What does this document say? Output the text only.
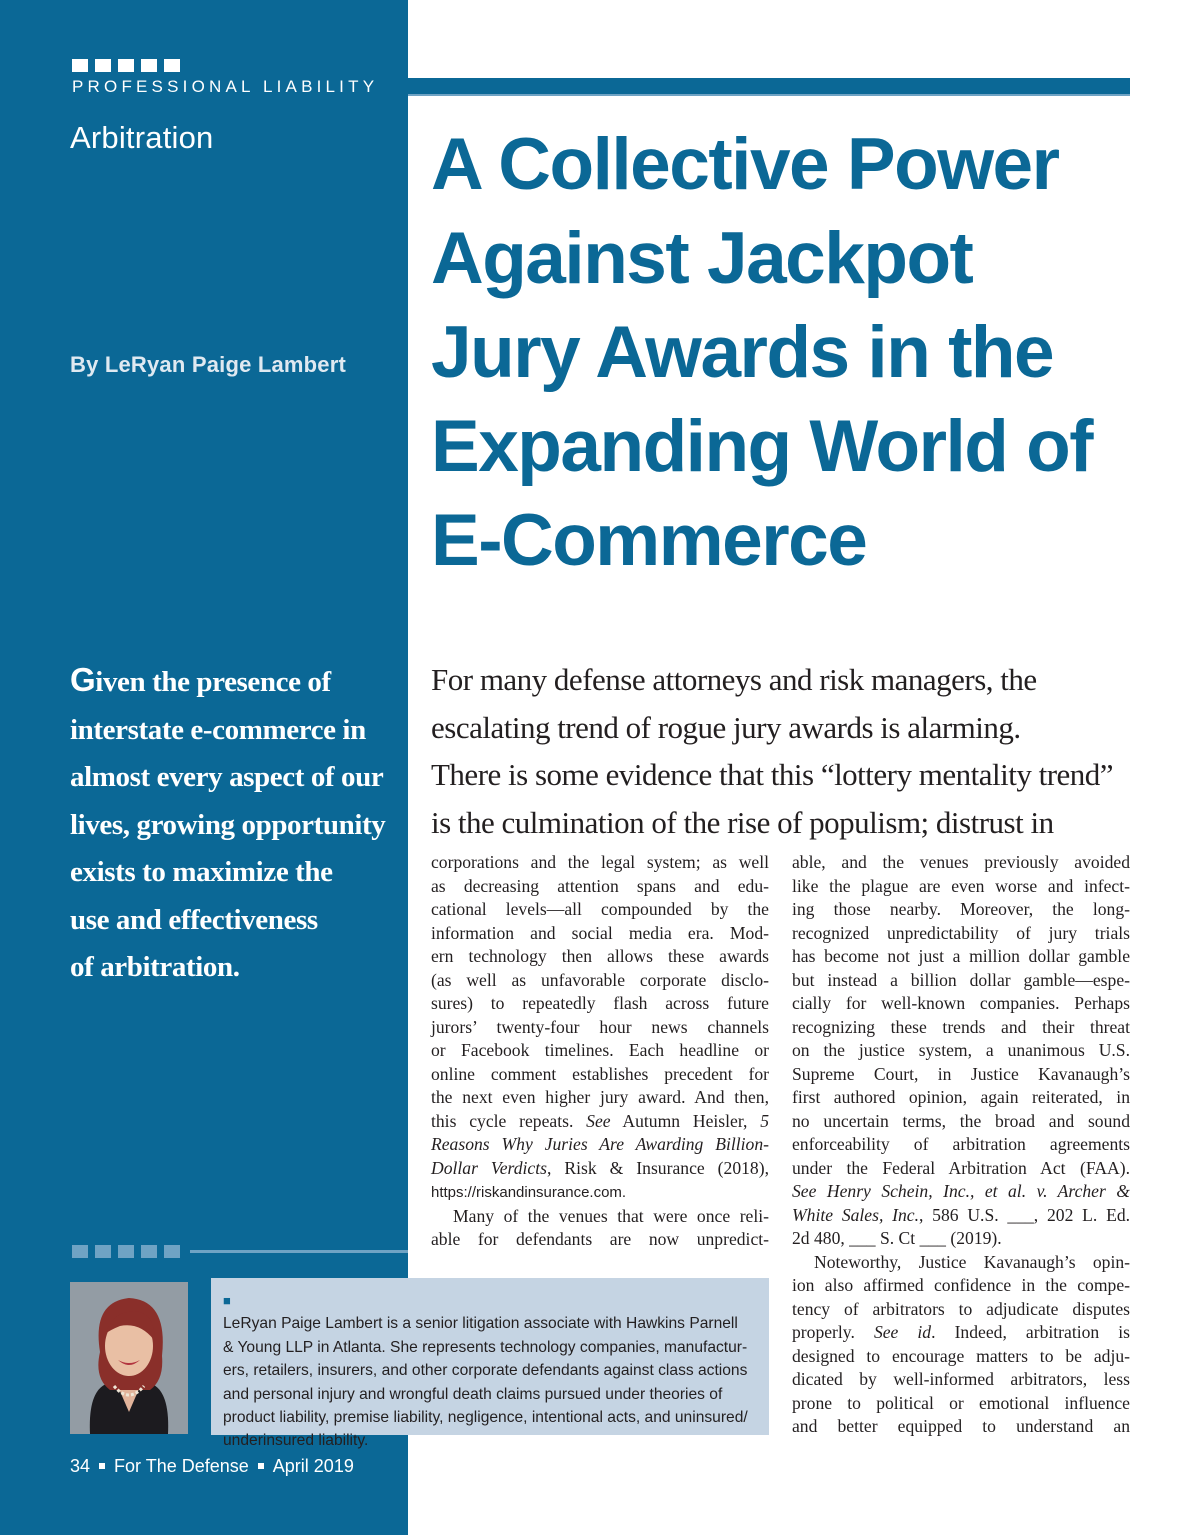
PROFESSIONAL LIABILITY

Arbitration	A Collective Power
Against Jackpot
Jury Awards in the
Expanding World of
E-Commerce

By LeRyan Paige Lambert

Given the presence of
interstate e-commerce in
almost every aspect of our
lives, growing opportunity
exists to maximize the
use and effectiveness
of arbitration.

For many defense attorneys and risk managers, the
escalating trend of rogue jury awards is alarming.
There is some evidence that this “lottery mentality trend”
is the culmination of the rise of populism; distrust in

corporations and the legal system; as well
as decreasing attention spans and edu-
cational levels—all compounded by the
information and social media era. Mod-
ern technology then allows these awards
(as well as unfavorable corporate disclo-
sures) to repeatedly flash across future
jurors’ twenty-four hour news channels
or Facebook timelines. Each headline or
online comment establishes precedent for
the next even higher jury award. And then,
this cycle repeats. See Autumn Heisler, 5
Reasons Why Juries Are Awarding Billion-
Dollar Verdicts, Risk & Insurance (2018),
https://riskandinsurance.com.
Many of the venues that were once reli-
able for defendants are now unpredict-
able, and the venues previously avoided
like the plague are even worse and infect-
ing those nearby. Moreover, the long-
recognized unpredictability of jury trials
has become not just a million dollar gamble
but instead a billion dollar gamble—espe-
cially for well-known companies. Perhaps
recognizing these trends and their threat
on the justice system, a unanimous U.S.
Supreme Court, in Justice Kavanaugh’s
first authored opinion, again reiterated, in
no uncertain terms, the broad and sound
enforceability of arbitration agreements
under the Federal Arbitration Act (FAA).
See Henry Schein, Inc., et al. v. Archer &
White Sales, Inc., 586 U.S. ___, 202 L. Ed.
2d 480, ___ S. Ct ___ (2019).
Noteworthy, Justice Kavanaugh’s opin-
ion also affirmed confidence in the compe-
tency of arbitrators to adjudicate disputes
properly. See id. Indeed, arbitration is
designed to encourage matters to be adju-
dicated by well-informed arbitrators, less
prone to political or emotional influence
and better equipped to understand an

■
LeRyan Paige Lambert is a senior litigation associate with Hawkins Parnell
& Young LLP in Atlanta. She represents technology companies, manufactur-
ers, retailers, insurers, and other corporate defendants against class actions
and personal injury and wrongful death claims pursued under theories of
product liability, premise liability, negligence, intentional acts, and uninsured/
underinsured liability.

34 For The Defense April 2019
